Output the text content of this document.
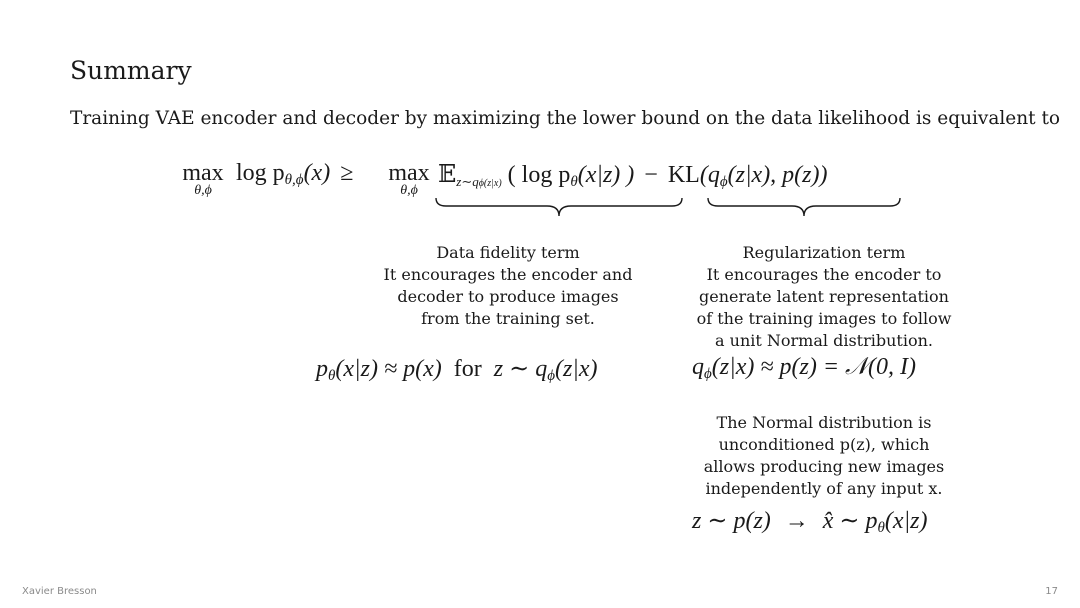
Summary
Training VAE encoder and decoder by maximizing the lower bound on the data likelihood is equivalent to
max
θ,ϕ
$\log p_{\theta,\phi}(x) \ge \max$
θ,ϕ
𝔼$_{z\sim q\phi(z|x)}$ ( $\log p_\theta(x|z)$ ) − $KL(q_\phi(z|x)$, p(z))
Data fidelity term
It encourages the encoder and
decoder to produce images
from the training set.
Regularization term
It encourages the encoder to
generate latent representation
of the training images to follow
a unit Normal distribution.
$p_\theta(x|z) \approx p(x)$ for z ∼ $q_\phi(z|x)$	$q_\phi(z|x) \approx p(z)$ = 𝒩(0, I)
The Normal distribution is
unconditioned p(z), which
allows producing new images
independently of any input x.
z ∼ p(z) → x̂ ∼ $p_\theta(x|z)$
Xavier Bresson	17
